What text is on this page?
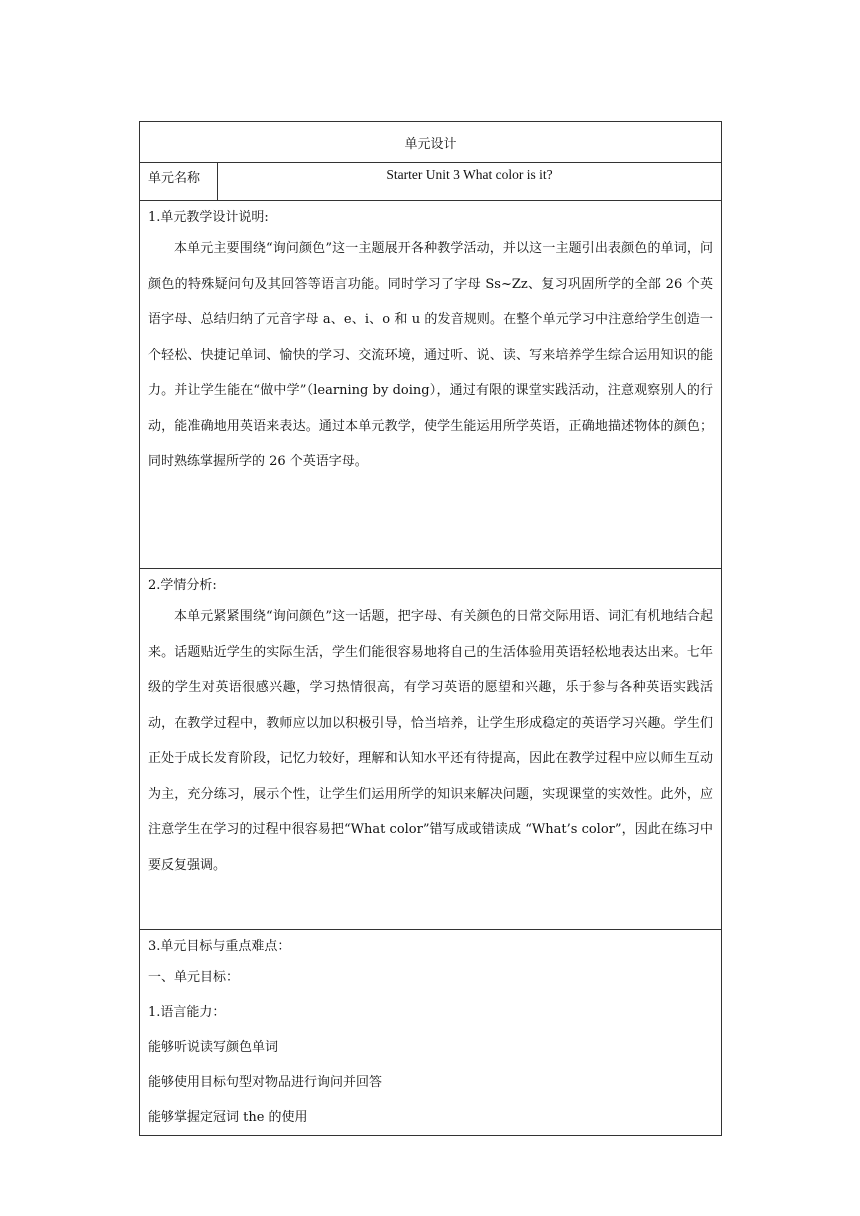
单元设计
单元名称	Starter Unit 3 What color is it?
1.单元教学设计说明:

本单元主要围绕“询问颜色”这一主题展开各种教学活动，并以这一主题引出表颜色的单词，问颜色的特殊疑问句及其回答等语言功能。同时学习了字母 Ss~Zz、复习巩固所学的全部 26 个英语字母、总结归纳了元音字母 a、e、i、o 和 u 的发音规则。在整个单元学习中注意给学生创造一个轻松、快捷记单词、愉快的学习、交流环境，通过听、说、读、写来培养学生综合运用知识的能力。并让学生能在“做中学”（learning by doing），通过有限的课堂实践活动，注意观察别人的行动，能准确地用英语来表达。通过本单元教学，使学生能运用所学英语，正确地描述物体的颜色；同时熟练掌握所学的 26 个英语字母。

2.学情分析:

本单元紧紧围绕“询问颜色”这一话题，把字母、有关颜色的日常交际用语、词汇有机地结合起来。话题贴近学生的实际生活，学生们能很容易地将自己的生活体验用英语轻松地表达出来。七年级的学生对英语很感兴趣，学习热情很高，有学习英语的愿望和兴趣，乐于参与各种英语实践活动，在教学过程中，教师应以加以积极引导，恰当培养，让学生形成稳定的英语学习兴趣。学生们正处于成长发育阶段，记忆力较好，理解和认知水平还有待提高，因此在教学过程中应以师生互动为主，充分练习，展示个性，让学生们运用所学的知识来解决问题，实现课堂的实效性。此外，应注意学生在学习的过程中很容易把“What color”错写成或错读成 “What’s color”，因此在练习中要反复强调。

3.单元目标与重点难点：

一、单元目标：

1.语言能力：

能够听说读写颜色单词

能够使用目标句型对物品进行询问并回答

能够掌握定冠词 the 的使用
